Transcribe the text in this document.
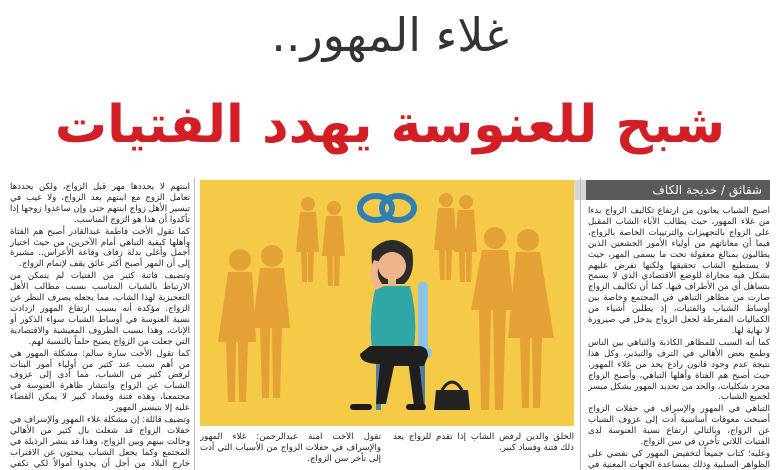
غلاء المهور..
شبح للعنوسة يهدد الفتيات
شقائق / خديجة الكاف

أصبح الشباب يعانون من ارتفاع تكاليف الزواج بدءاً من غلاء المهور، حيث يطالب الآباء الشاب المقبل على الزواج بالتجهيزات والترتيبات الخاصة بالزواج، فيما أن معاناتهم من أولياء الأمور الجشعين الذين يطالبون بمبالغ معقولة تحت ما يسمى المهر، حيث لا يستطيع الشاب تحقيقها ولكنها تفرض عليهم بشكل فيه مجاراة للوضع الاقتصادي الذي لا يسمح بتساهل أي من الأطراف فيها. كما أن تكاليف الزواج صارت من مظاهر التباهي في المجتمع وخاصة بين أوساط الشباب والفتيات، إذ يطلبن أشياء من الكماليات المفرطة لجعل الزواج يدخل في صيرورة لا نهاية لها.

كما أنه السبب للمظاهر الكاذبة والتباهي بين الناس وطمع بعض الأهالي في الترف والتبذير، وكل هذا نتيجة عدم وجود قانون رادع يحد من غلاء المهور، حيث أصبح هم الفتاة وأهلها التباهي، وأصبح الزواج مجرد شكليات، والحد من تحديد المهور بشكل ميسر لجميع الشباب.

التباهي في المهور والإسراف في حفلات الزواج أصبحت معوقات أساسية أدت إلى عزوف الشباب عن الزواج، وبالتالي ارتفاع نسبة العنوسة لدى الفتيات اللاتي تأخرن في سن الزواج.

وعليه؛ كتاب جميعاً لتخفيض المهور كي نقضي على الظواهر السلبية وذلك بمساعدة الجهات المعنية في

ابنتهم لا يحددها مهر قبل الزواج، ولكن يحددها تعامل الزوج مع ابنتهم بعد الزواج، ولا عيب في تيسير الأهل زواج ابنتهم حتى وإن ساعدوا زوجها إذا تأكدوا أن هذا هو الزوج المناسب.

كما تقول الأخت فاطمة عبدالقادر أصبح هم الفتاة وأهلها كيفية التباهي أمام الآخرين، من حيث اختيار أجمل وأغلى بدلة زفاف وقاعة الأعراس.. مشيرة إلى أن المهر أصبح أكثر عائق يقف لإتمام الزواج.

وتضيف فاتنة كثير من الفتيات لم يتمكن من الارتباط بالشباب المناسب بسبب مطالب الأهل التعجيزية لهذا الشاب، مما يجعله يصرف النظر عن الزواج. مؤكدة أنه بسبب ارتفاع المهور ازدادت نسبة العنوسة في أوساط الشباب سواء الذكور أو الإناث، وهذا بسبب الظروف المعيشية والاقتصادية التي جعلت من الزواج يصبح حلماً بالنسبة لهم.

كما تقول الأخت سارة سالم: مشكلة المهور هي من أهم سبب عند كثير من أولياء أمور البنات لرفض كثير من الشباب، مما أدى إلى عزوف الشباب عن الزواج وانتشار ظاهرة العنوسة في مجتمعنا، وهذه فتنة وفساد كبير لا يمكن القضاء عليه إلا بتيسير المهور.

وتضيف قائلة: إن مشكلة غلاء المهور والإسراف في حفلات الزواج قد شغلت بال كثير من الأهالي وحالت بينهم وبين الزواج، وهذا قد ينشر الرذيلة في المجتمع وكما يجعل الشباب يبحثون عن الاقتراب خارج البلاد من أجل أن يجدوا أموالاً لكي تكفي

الخلق والدين لرفض الشاب إذا تقدم للزواج يعد ذلك فتنة وفساد كبير.

تقول الأخت آمنة عبدالرحمن: غلاء المهور والإسراف في حفلات الزواج من الأسباب التي أدت إلى تأخر سن الزواج.
